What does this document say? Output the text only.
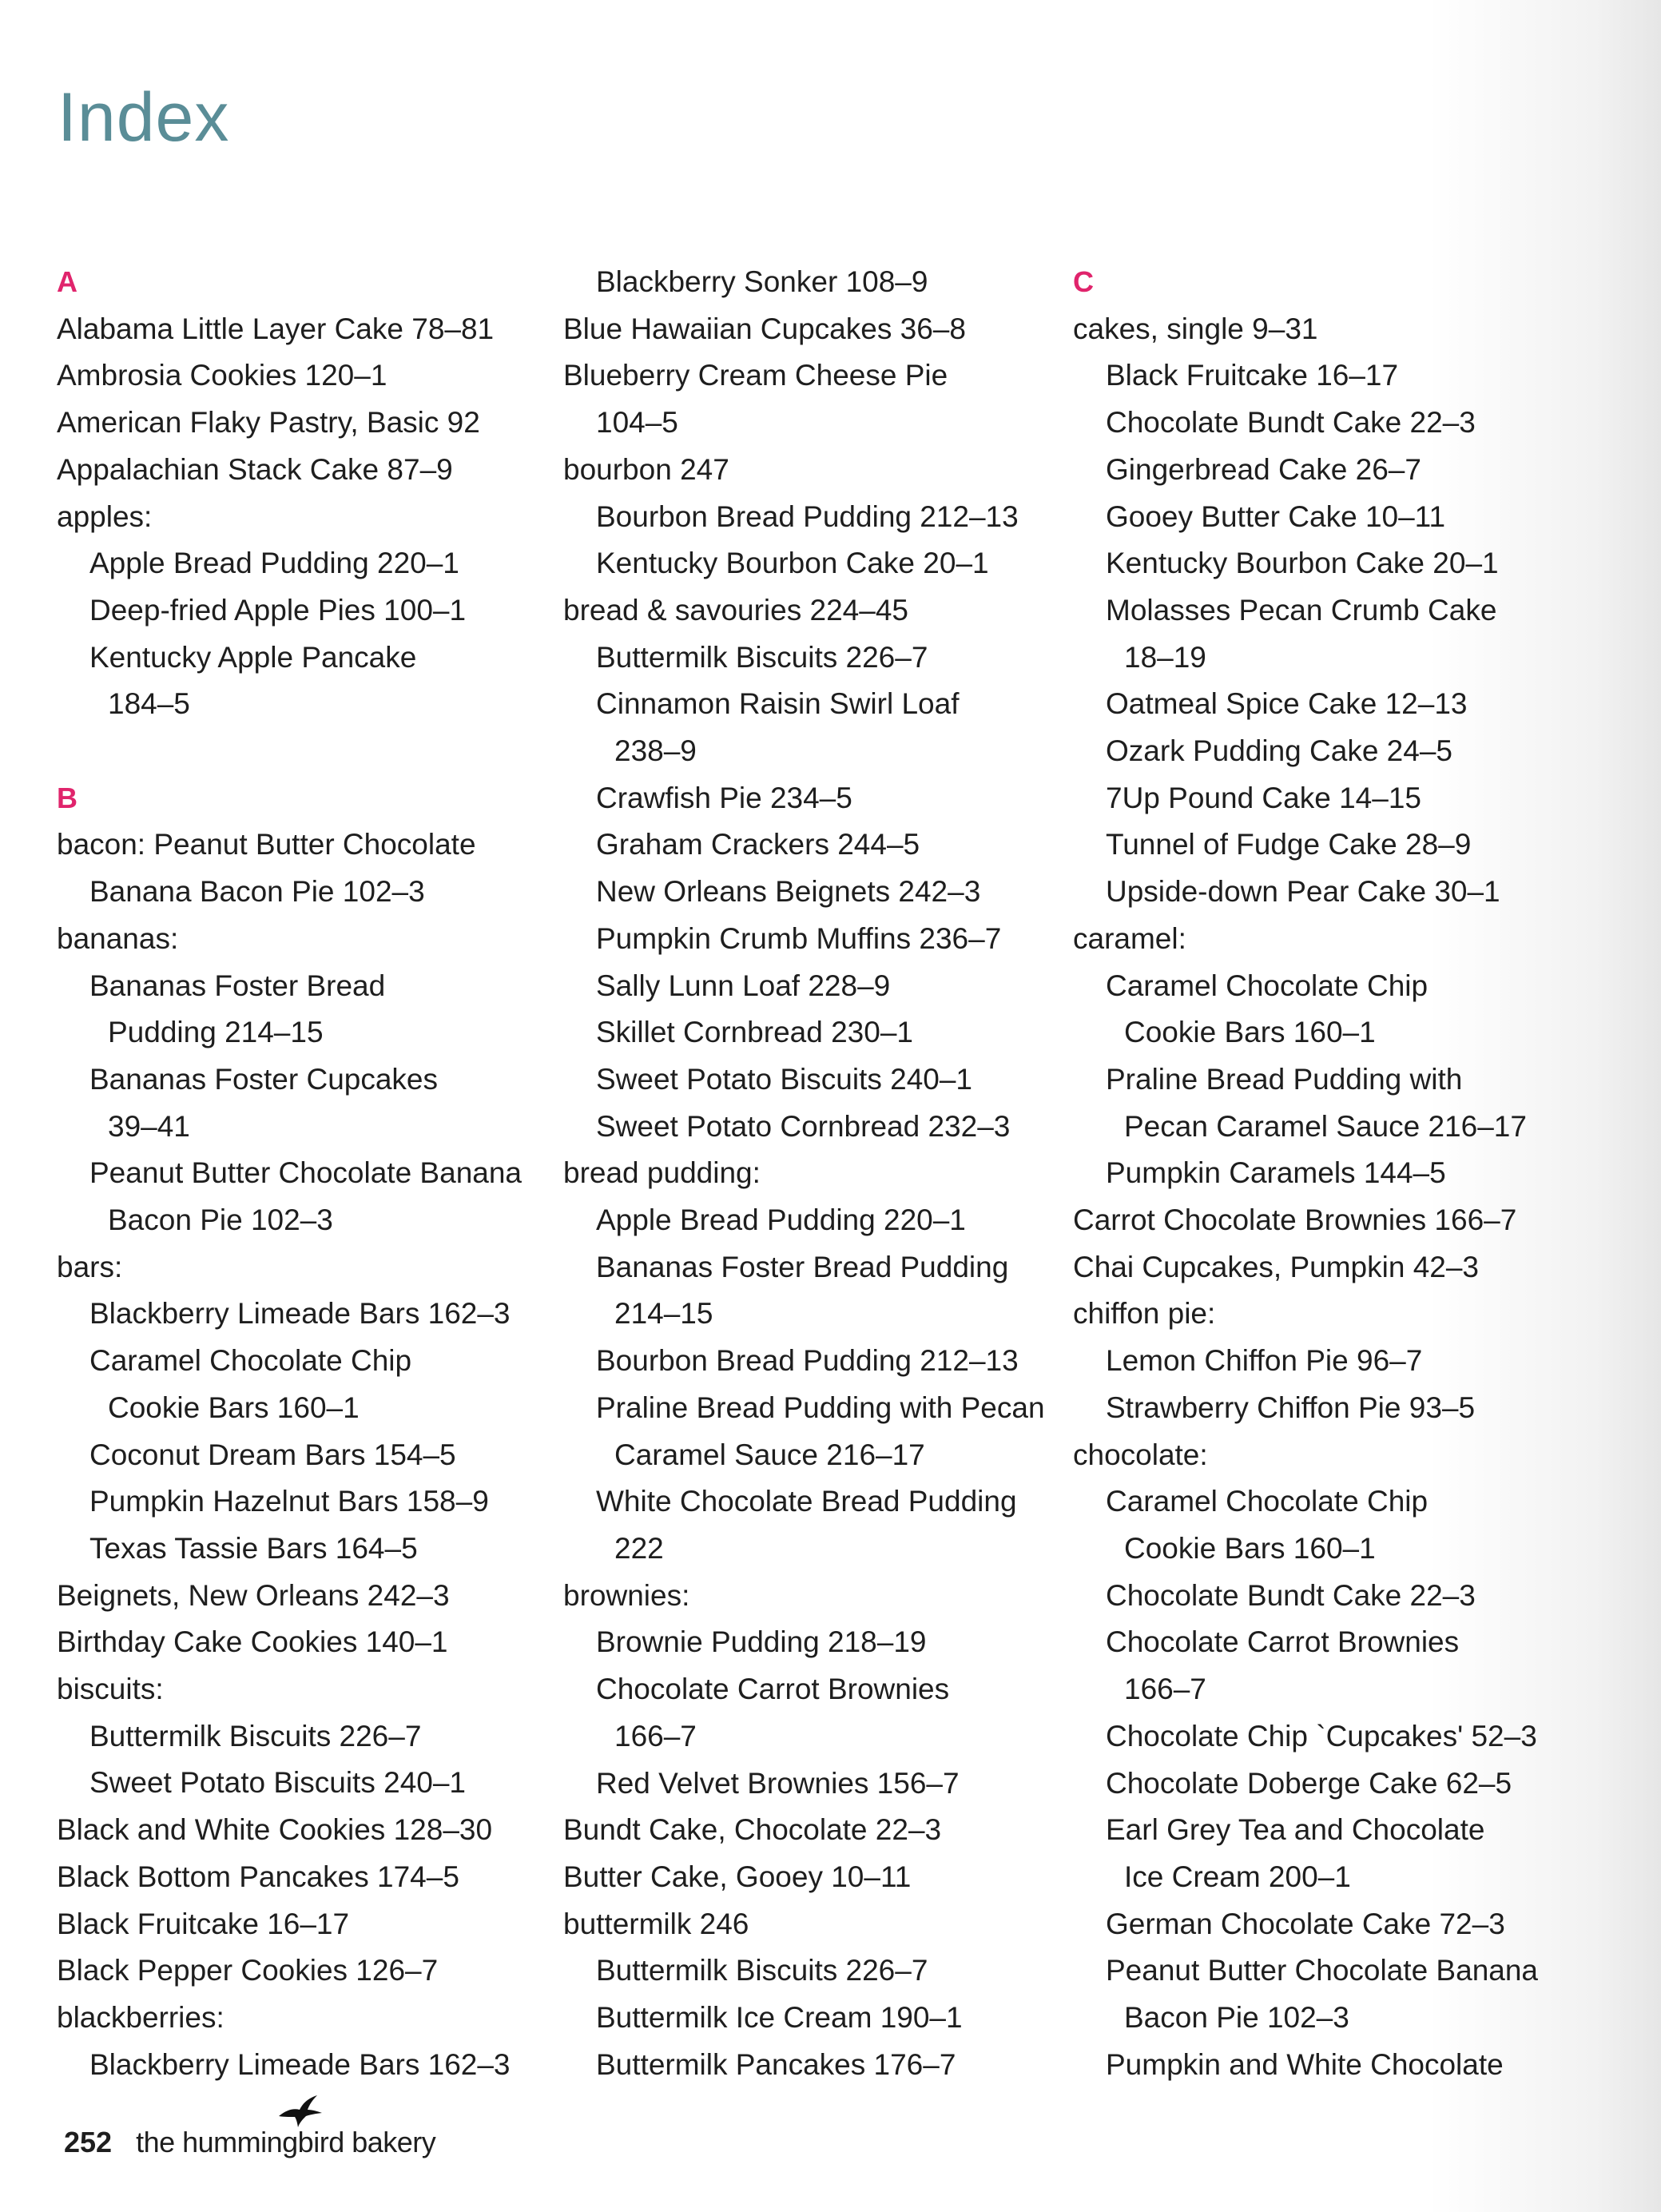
Index
A
Alabama Little Layer Cake 78–81
Ambrosia Cookies 120–1
American Flaky Pastry, Basic 92
Appalachian Stack Cake 87–9
apples:
Apple Bread Pudding 220–1
Deep-fried Apple Pies 100–1
Kentucky Apple Pancake
184–5
B
bacon: Peanut Butter Chocolate
Banana Bacon Pie 102–3
bananas:
Bananas Foster Bread
Pudding 214–15
Bananas Foster Cupcakes
39–41
Peanut Butter Chocolate Banana
Bacon Pie 102–3
bars:
Blackberry Limeade Bars 162–3
Caramel Chocolate Chip
Cookie Bars 160–1
Coconut Dream Bars 154–5
Pumpkin Hazelnut Bars 158–9
Texas Tassie Bars 164–5
Beignets, New Orleans 242–3
Birthday Cake Cookies 140–1
biscuits:
Buttermilk Biscuits 226–7
Sweet Potato Biscuits 240–1
Black and White Cookies 128–30
Black Bottom Pancakes 174–5
Black Fruitcake 16–17
Black Pepper Cookies 126–7
blackberries:
Blackberry Limeade Bars 162–3
Blackberry Sonker 108–9
Blue Hawaiian Cupcakes 36–8
Blueberry Cream Cheese Pie
104–5
bourbon 247
Bourbon Bread Pudding 212–13
Kentucky Bourbon Cake 20–1
bread & savouries 224–45
Buttermilk Biscuits 226–7
Cinnamon Raisin Swirl Loaf
238–9
Crawfish Pie 234–5
Graham Crackers 244–5
New Orleans Beignets 242–3
Pumpkin Crumb Muffins 236–7
Sally Lunn Loaf 228–9
Skillet Cornbread 230–1
Sweet Potato Biscuits 240–1
Sweet Potato Cornbread 232–3
bread pudding:
Apple Bread Pudding 220–1
Bananas Foster Bread Pudding
214–15
Bourbon Bread Pudding 212–13
Praline Bread Pudding with Pecan
Caramel Sauce 216–17
White Chocolate Bread Pudding
222
brownies:
Brownie Pudding 218–19
Chocolate Carrot Brownies
166–7
Red Velvet Brownies 156–7
Bundt Cake, Chocolate 22–3
Butter Cake, Gooey 10–11
buttermilk 246
Buttermilk Biscuits 226–7
Buttermilk Ice Cream 190–1
Buttermilk Pancakes 176–7
C
cakes, single 9–31
Black Fruitcake 16–17
Chocolate Bundt Cake 22–3
Gingerbread Cake 26–7
Gooey Butter Cake 10–11
Kentucky Bourbon Cake 20–1
Molasses Pecan Crumb Cake
18–19
Oatmeal Spice Cake 12–13
Ozark Pudding Cake 24–5
7Up Pound Cake 14–15
Tunnel of Fudge Cake 28–9
Upside-down Pear Cake 30–1
caramel:
Caramel Chocolate Chip
Cookie Bars 160–1
Praline Bread Pudding with
Pecan Caramel Sauce 216–17
Pumpkin Caramels 144–5
Carrot Chocolate Brownies 166–7
Chai Cupcakes, Pumpkin 42–3
chiffon pie:
Lemon Chiffon Pie 96–7
Strawberry Chiffon Pie 93–5
chocolate:
Caramel Chocolate Chip
Cookie Bars 160–1
Chocolate Bundt Cake 22–3
Chocolate Carrot Brownies
166–7
Chocolate Chip `Cupcakes' 52–3
Chocolate Doberge Cake 62–5
Earl Grey Tea and Chocolate
Ice Cream 200–1
German Chocolate Cake 72–3
Peanut Butter Chocolate Banana
Bacon Pie 102–3
Pumpkin and White Chocolate
252 the hummingbird bakery
